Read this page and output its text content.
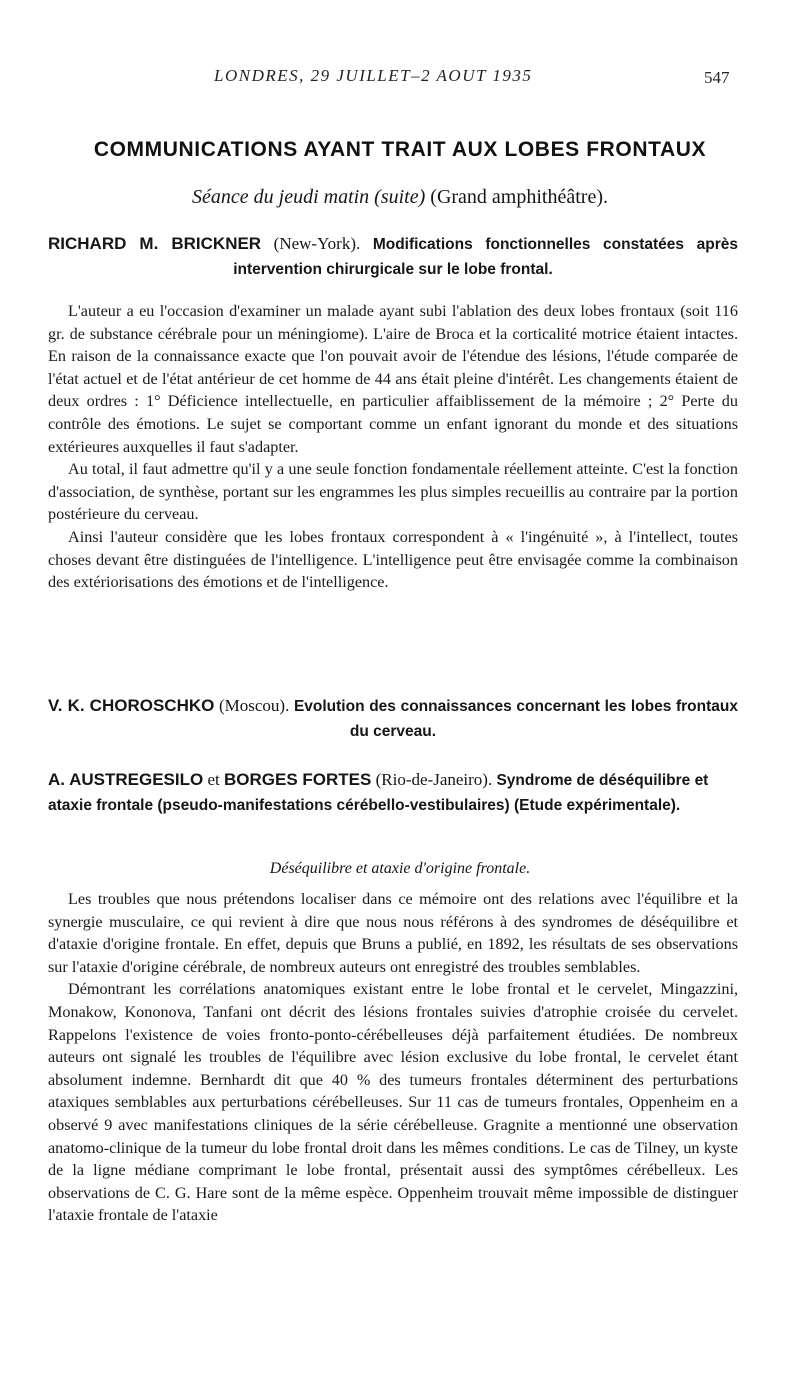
LONDRES, 29 JUILLET–2 AOUT 1935	547
COMMUNICATIONS AYANT TRAIT AUX LOBES FRONTAUX
Séance du jeudi matin (suite) (Grand amphithéâtre).
RICHARD M. BRICKNER (New-York). Modifications fonctionnelles constatées après intervention chirurgicale sur le lobe frontal.

L'auteur a eu l'occasion d'examiner un malade ayant subi l'ablation des deux lobes frontaux (soit 116 gr. de substance cérébrale pour un méningiome). L'aire de Broca et la corticalité motrice étaient intactes. En raison de la connaissance exacte que l'on pouvait avoir de l'étendue des lésions, l'étude comparée de l'état actuel et de l'état antérieur de cet homme de 44 ans était pleine d'intérêt. Les changements étaient de deux ordres : 1° Déficience intellectuelle, en particulier affaiblissement de la mémoire ; 2° Perte du contrôle des émotions. Le sujet se comportant comme un enfant ignorant du monde et des situations extérieures auxquelles il faut s'adapter.

Au total, il faut admettre qu'il y a une seule fonction fondamentale réellement atteinte. C'est la fonction d'association, de synthèse, portant sur les engrammes les plus simples recueillis au contraire par la portion postérieure du cerveau.

Ainsi l'auteur considère que les lobes frontaux correspondent à « l'ingénuité », à l'intellect, toutes choses devant être distinguées de l'intelligence. L'intelligence peut être envisagée comme la combinaison des extériorisations des émotions et de l'intelligence.

V. K. CHOROSCHKO (Moscou). Evolution des connaissances concernant les lobes frontaux du cerveau.
A. AUSTREGESILO et BORGES FORTES (Rio-de-Janeiro). Syndrome de déséquilibre et ataxie frontale (pseudo-manifestations cérébello-vestibulaires) (Etude expérimentale).
Déséquilibre et ataxie d'origine frontale.

Les troubles que nous prétendons localiser dans ce mémoire ont des relations avec l'équilibre et la synergie musculaire, ce qui revient à dire que nous nous référons à des syndromes de déséquilibre et d'ataxie d'origine frontale. En effet, depuis que Bruns a publié, en 1892, les résultats de ses observations sur l'ataxie d'origine cérébrale, de nombreux auteurs ont enregistré des troubles semblables.

Démontrant les corrélations anatomiques existant entre le lobe frontal et le cervelet, Mingazzini, Monakow, Kononova, Tanfani ont décrit des lésions frontales suivies d'atrophie croisée du cervelet. Rappelons l'existence de voies fronto-ponto-cérébelleuses déjà parfaitement étudiées. De nombreux auteurs ont signalé les troubles de l'équilibre avec lésion exclusive du lobe frontal, le cervelet étant absolument indemne. Bernhardt dit que 40 % des tumeurs frontales déterminent des perturbations ataxiques semblables aux perturbations cérébelleuses. Sur 11 cas de tumeurs frontales, Oppenheim en a observé 9 avec manifestations cliniques de la série cérébelleuse. Gragnite a mentionné une observation anatomo-clinique de la tumeur du lobe frontal droit dans les mêmes conditions. Le cas de Tilney, un kyste de la ligne médiane comprimant le lobe frontal, présentait aussi des symptômes cérébelleux. Les observations de C. G. Hare sont de la même espèce. Oppenheim trouvait même impossible de distinguer l'ataxie frontale de l'ataxie
